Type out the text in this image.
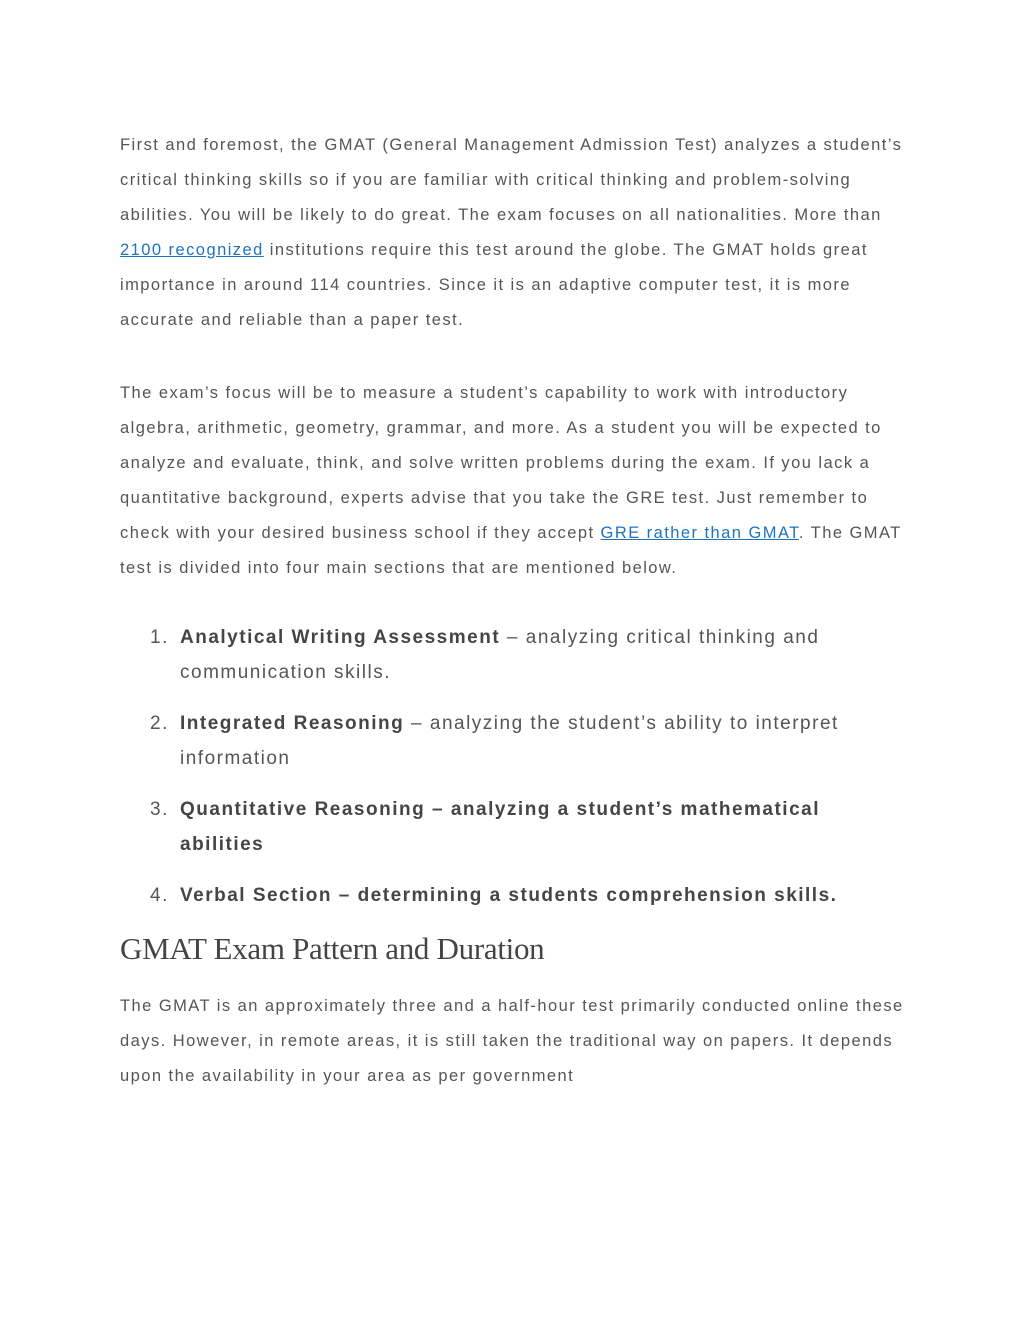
First and foremost, the GMAT (General Management Admission Test) analyzes a student’s critical thinking skills so if you are familiar with critical thinking and problem-solving abilities. You will be likely to do great. The exam focuses on all nationalities. More than 2100 recognized institutions require this test around the globe. The GMAT holds great importance in around 114 countries. Since it is an adaptive computer test, it is more accurate and reliable than a paper test.

The exam’s focus will be to measure a student’s capability to work with introductory algebra, arithmetic, geometry, grammar, and more. As a student you will be expected to analyze and evaluate, think, and solve written problems during the exam. If you lack a quantitative background, experts advise that you take the GRE test. Just remember to check with your desired business school if they accept GRE rather than GMAT. The GMAT test is divided into four main sections that are mentioned below.

1. Analytical Writing Assessment – analyzing critical thinking and communication skills.
2. Integrated Reasoning – analyzing the student’s ability to interpret information
3. Quantitative Reasoning – analyzing a student’s mathematical abilities
4. Verbal Section – determining a students comprehension skills.
GMAT Exam Pattern and Duration

The GMAT is an approximately three and a half-hour test primarily conducted online these days. However, in remote areas, it is still taken the traditional way on papers. It depends upon the availability in your area as per government
